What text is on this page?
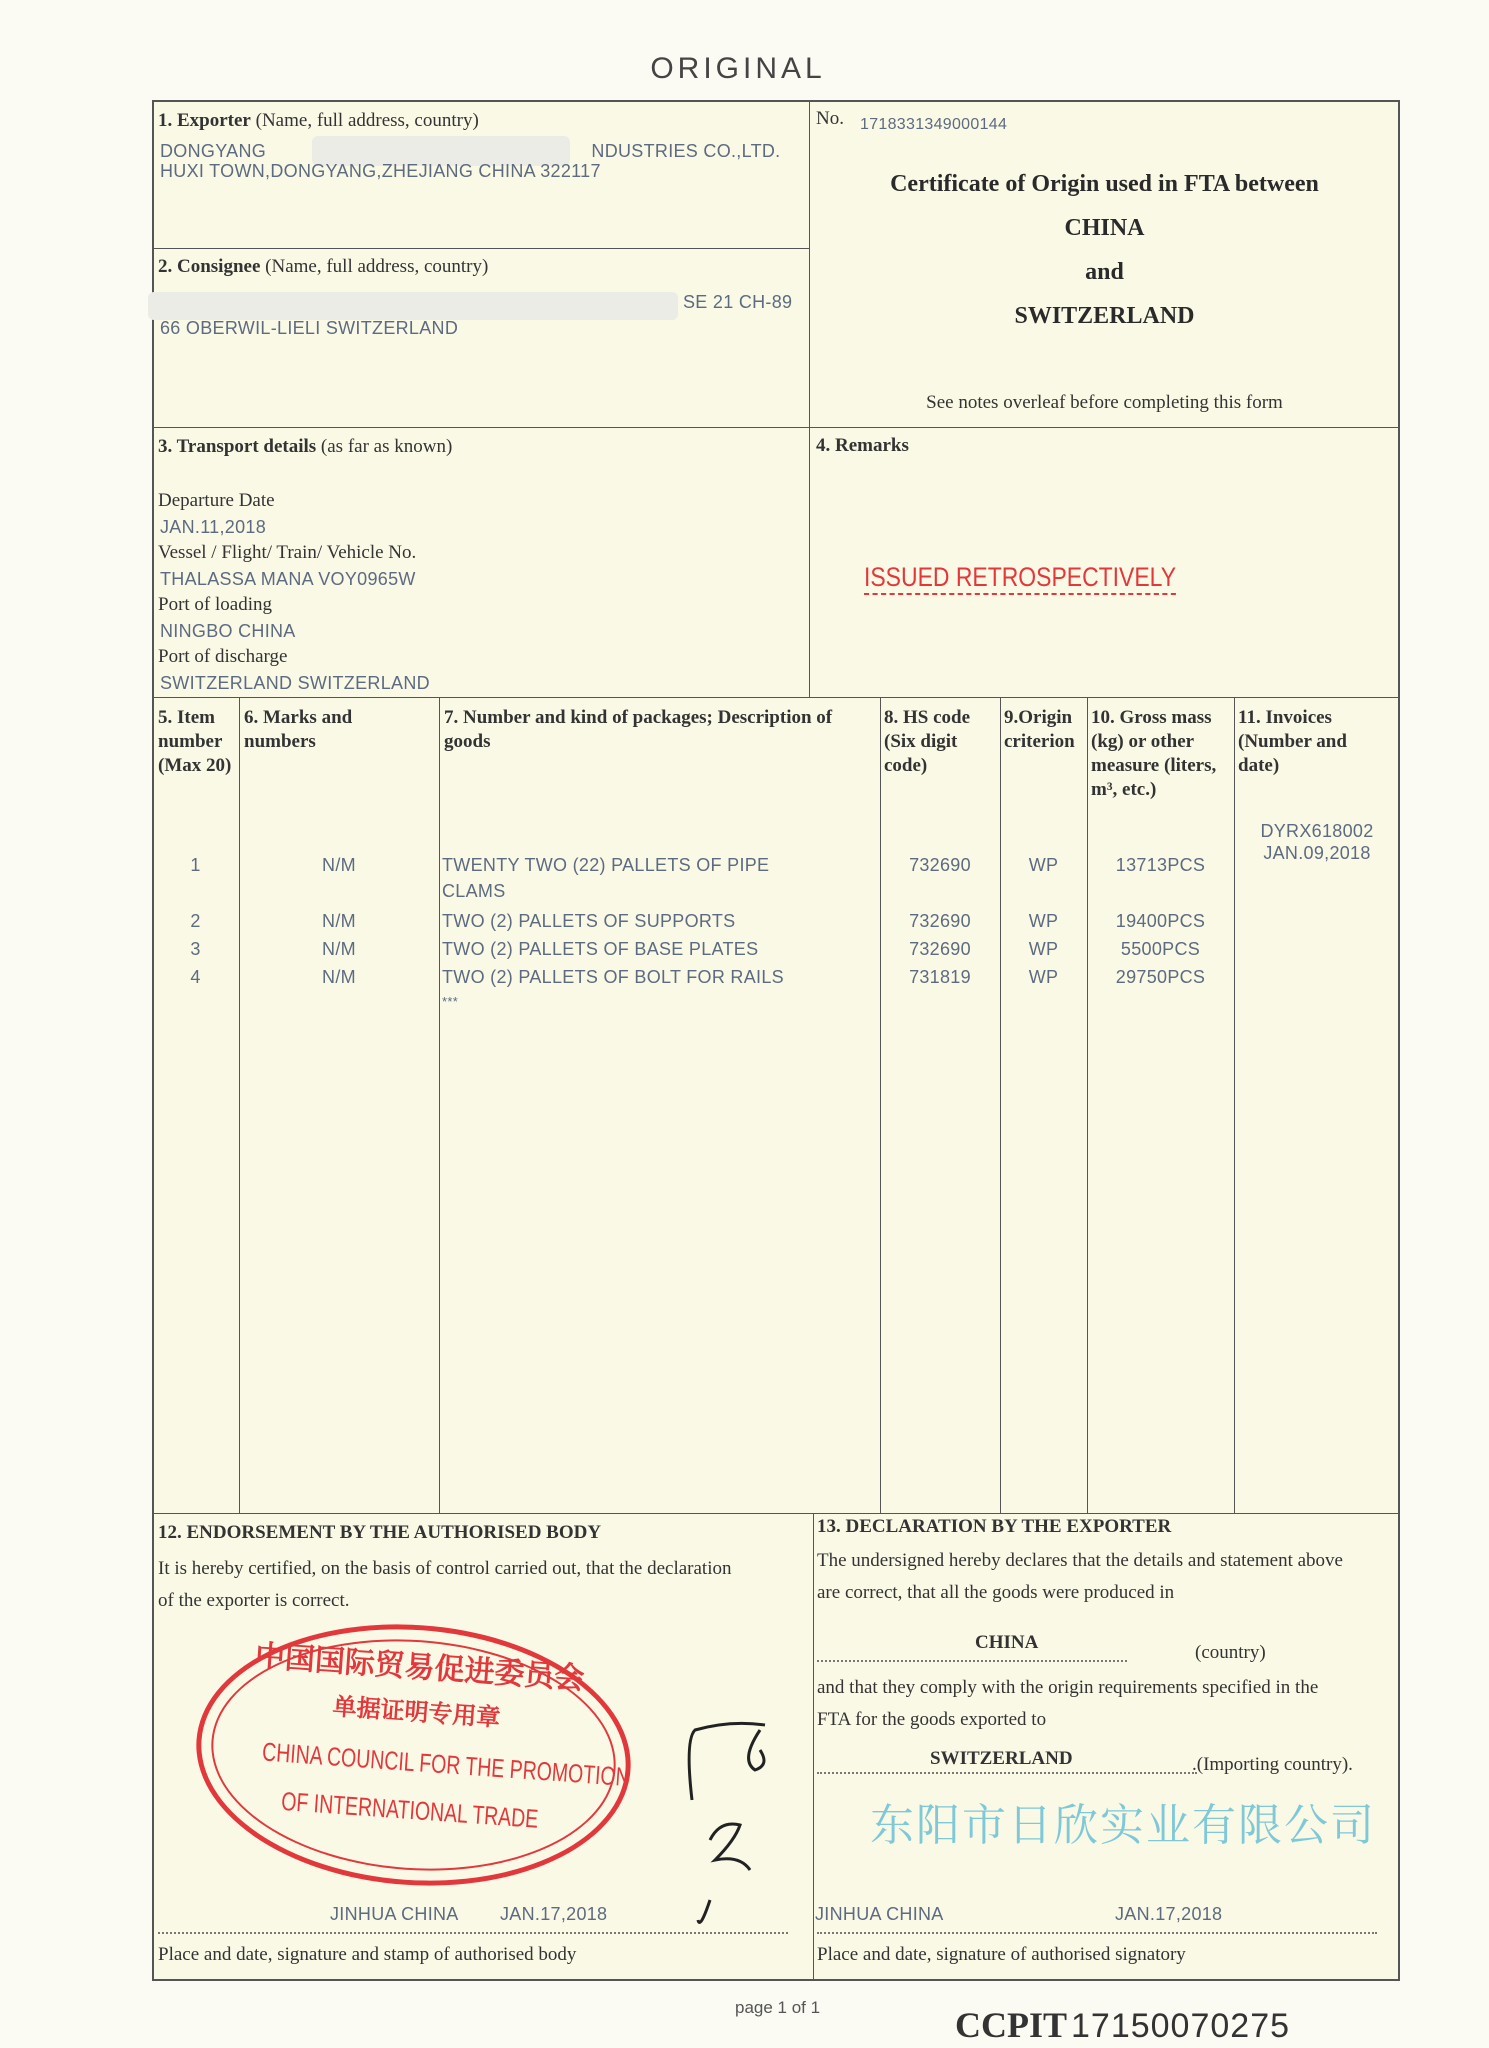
ORIGINAL
1. Exporter (Name, full address, country)
DONGYANG	NDUSTRIES CO.,LTD.
HUXI TOWN,DONGYANG,ZHEJIANG CHINA 322117
2. Consignee (Name, full address, country)
SE 21 CH-89
66 OBERWIL-LIELI SWITZERLAND
No. 1718331349000144
Certificate of Origin used in FTA between
CHINA
and
SWITZERLAND
See notes overleaf before completing this form
3. Transport details (as far as known)
Departure Date
JAN.11,2018
Vessel / Flight/ Train/ Vehicle No.
THALASSA MANA VOY0965W
Port of loading
NINGBO CHINA
Port of discharge
SWITZERLAND SWITZERLAND
4. Remarks
ISSUED RETROSPECTIVELY
5. Item number (Max 20)
6. Marks and numbers
7. Number and kind of packages; Description of goods
8. HS code (Six digit code)
9.Origin criterion
10. Gross mass (kg) or other measure (liters, m³, etc.)
11. Invoices (Number and date)
DYRX618002
JAN.09,2018
1	N/M	TWENTY TWO (22) PALLETS OF PIPE
CLAMS
732690	WP	13713PCS
2	N/M	TWO (2) PALLETS OF SUPPORTS	732690	WP	19400PCS
3	N/M	TWO (2) PALLETS OF BASE PLATES	732690	WP	5500PCS
4	N/M	TWO (2) PALLETS OF BOLT FOR RAILS	731819	WP	29750PCS
***
12. ENDORSEMENT BY THE AUTHORISED BODY
It is hereby certified, on the basis of control carried out, that the declaration
of the exporter is correct.
中国国际贸易促进委员会
单据证明专用章
CHINA COUNCIL FOR THE PROMOTION
OF INTERNATIONAL TRADE
JINHUA CHINA JAN.17,2018
Place and date, signature and stamp of authorised body
13. DECLARATION BY THE EXPORTER
The undersigned hereby declares that the details and statement above
are correct, that all the goods were produced in
CHINA	(country)
and that they comply with the origin requirements specified in the
FTA for the goods exported to
SWITZERLAND	.(Importing country).
东阳市日欣实业有限公司
JINHUA CHINA	JAN.17,2018
Place and date, signature of authorised signatory
page 1 of 1	CCPIT 17150070275
